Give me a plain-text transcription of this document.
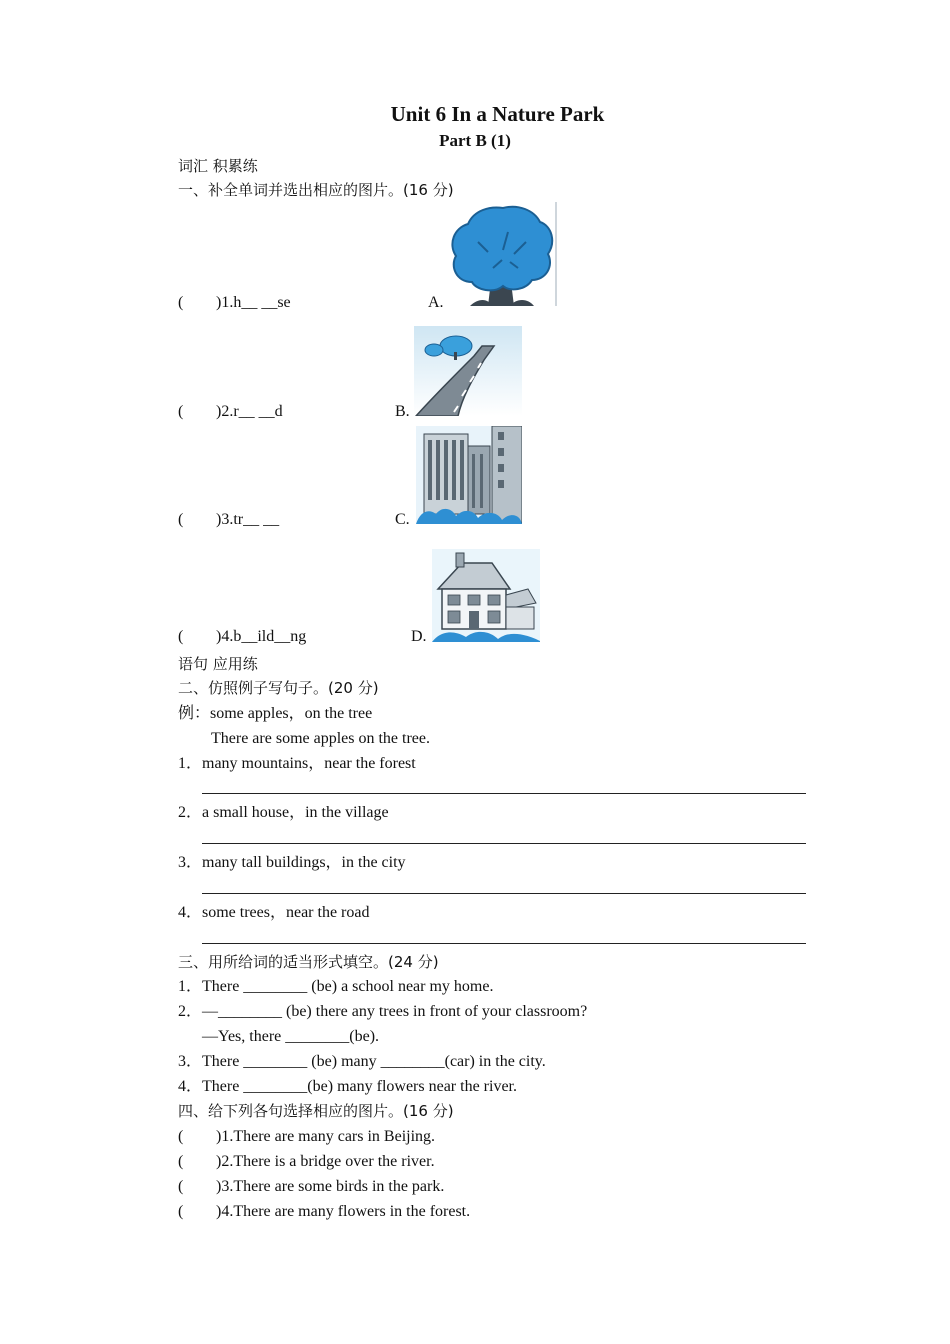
Unit 6 In a Nature Park
Part B (1)
词汇 积累练
一、补全单词并选出相应的图片。(16 分)
( )1.h__ __se	A.
( )2.r__ __d	B.
( )3.tr__ __	C.
( )4.b__ild__ng	D.
语句 应用练
二、仿照例子写句子。(20 分)
例：some apples，on the tree
There are some apples on the tree.
1． many mountains，near the forest
2． a small house，in the village
3． many tall buildings，in the city
4． some trees，near the road
三、用所给词的适当形式填空。(24 分)
1．There ________ (be) a school near my home.
2．—________ (be) there any trees in front of your classroom?
—Yes, there ________(be).
3．There ________ (be) many ________(car) in the city.
4．There ________(be) many flowers near the river.
四、给下列各句选择相应的图片。(16 分)
( )1.There are many cars in Beijing.
( )2.There is a bridge over the river.
( )3.There are some birds in the park.
( )4.There are many flowers in the forest.
